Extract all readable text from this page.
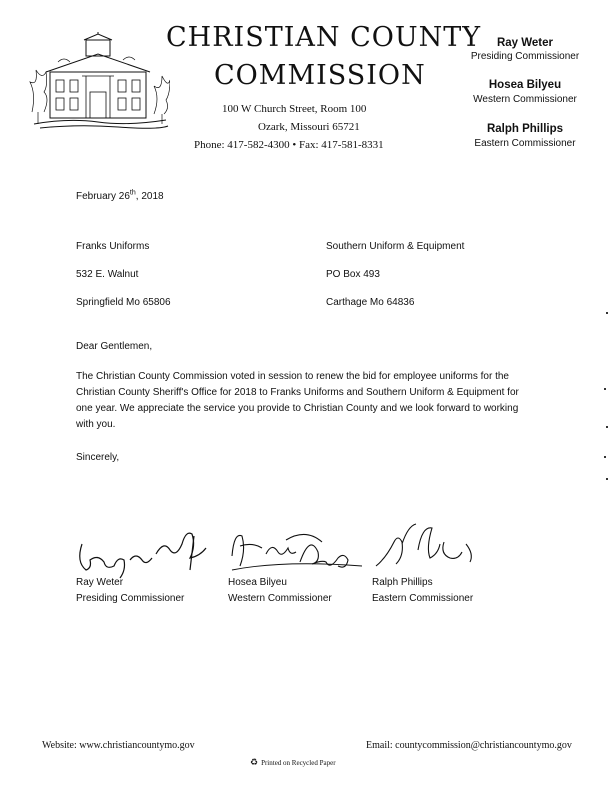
CHRISTIAN COUNTY
COMMISSION
100 W Church Street, Room 100
Ozark, Missouri 65721
Phone: 417-582-4300 • Fax: 417-581-8331
Ray Weter
Presiding Commissioner
Hosea Bilyeu
Western Commissioner
Ralph Phillips
Eastern Commissioner
February 26th, 2018
Franks Uniforms
532 E. Walnut
Springfield Mo 65806
Southern Uniform & Equipment
PO Box 493
Carthage Mo 64836
Dear Gentlemen,
The Christian County Commission voted in session to renew the bid for employee uniforms for the Christian County Sheriff's Office for 2018 to Franks Uniforms and Southern Uniform & Equipment for one year. We appreciate the service you provide to Christian County and we look forward to working with you.
Sincerely,
Ray Weter
Presiding Commissioner
Hosea Bilyeu
Western Commissioner
Ralph Phillips
Eastern Commissioner
Website: www.christiancountymo.gov	Email: countycommission@christiancountymo.gov
♻ Printed on Recycled Paper
